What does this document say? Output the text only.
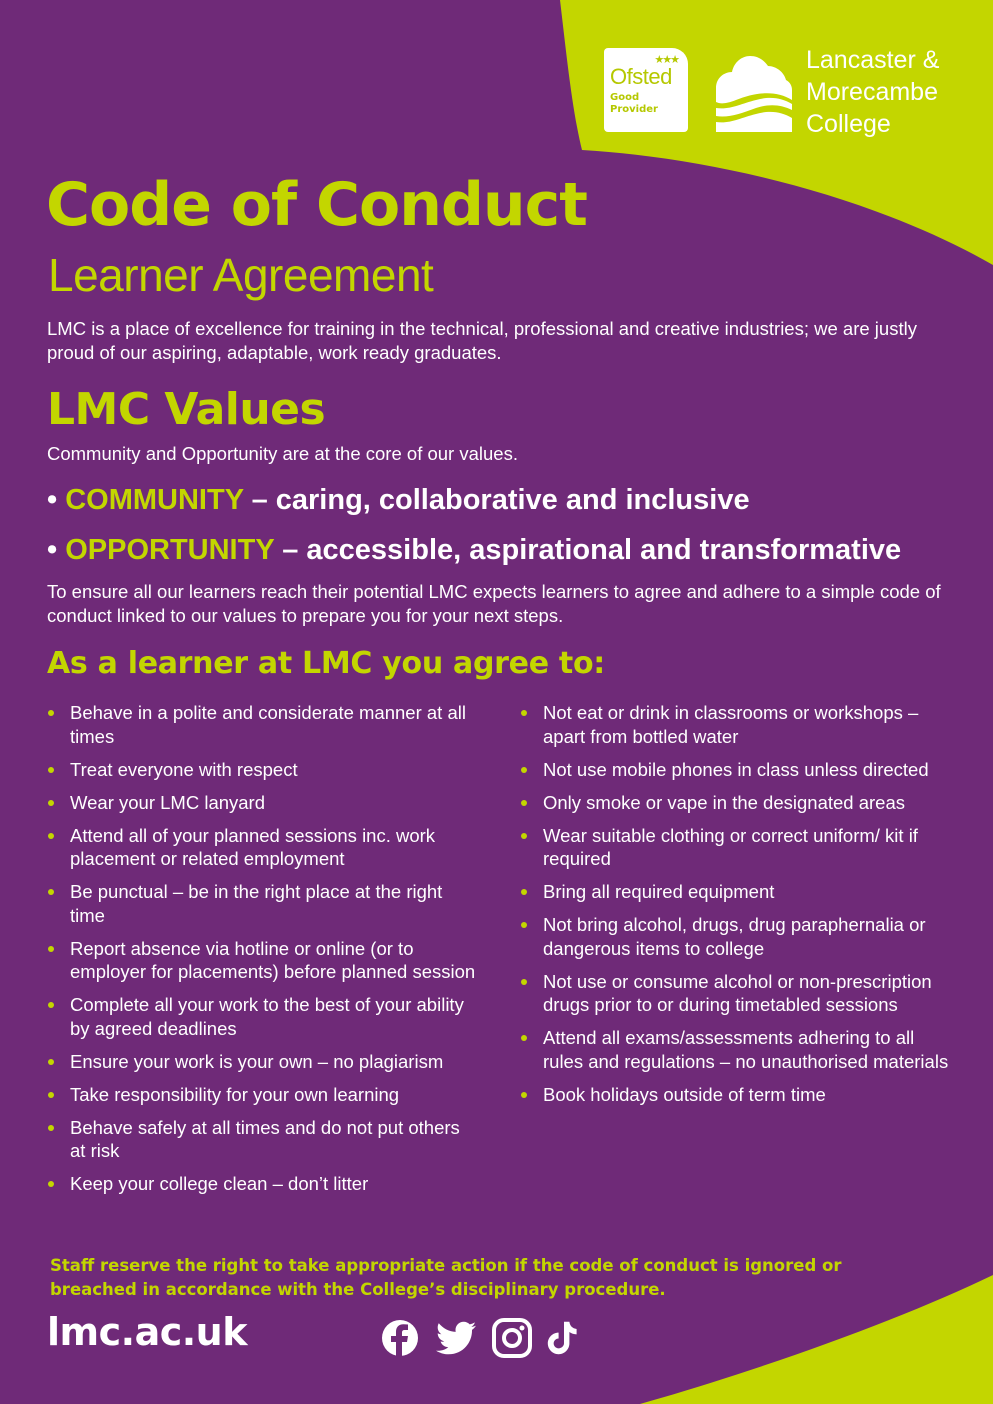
★★★
Ofsted
Good
Provider
Lancaster &
Morecambe
College
Code of Conduct
Learner Agreement

LMC is a place of excellence for training in the technical, professional and creative industries; we are justly proud of our aspiring, adaptable, work ready graduates.

LMC Values

Community and Opportunity are at the core of our values.

• COMMUNITY – caring, collaborative and inclusive

• OPPORTUNITY – accessible, aspirational and transformative

To ensure all our learners reach their potential LMC expects learners to agree and adhere to a simple code of conduct linked to our values to prepare you for your next steps.

As a learner at LMC you agree to:
Behave in a polite and considerate manner at all times
Treat everyone with respect
Wear your LMC lanyard
Attend all of your planned sessions inc. work placement or related employment
Be punctual – be in the right place at the right time
Report absence via hotline or online (or to employer for placements) before planned session
Complete all your work to the best of your ability by agreed deadlines
Ensure your work is your own – no plagiarism
Take responsibility for your own learning
Behave safely at all times and do not put others at risk
Keep your college clean – don’t litter
Not eat or drink in classrooms or workshops – apart from bottled water
Not use mobile phones in class unless directed
Only smoke or vape in the designated areas
Wear suitable clothing or correct uniform/ kit if required
Bring all required equipment
Not bring alcohol, drugs, drug paraphernalia or dangerous items to college
Not use or consume alcohol or non-prescription drugs prior to or during timetabled sessions
Attend all exams/assessments adhering to all rules and regulations – no unauthorised materials
Book holidays outside of term time

Staff reserve the right to take appropriate action if the code of conduct is ignored or breached in accordance with the College’s disciplinary procedure.

lmc.ac.uk
